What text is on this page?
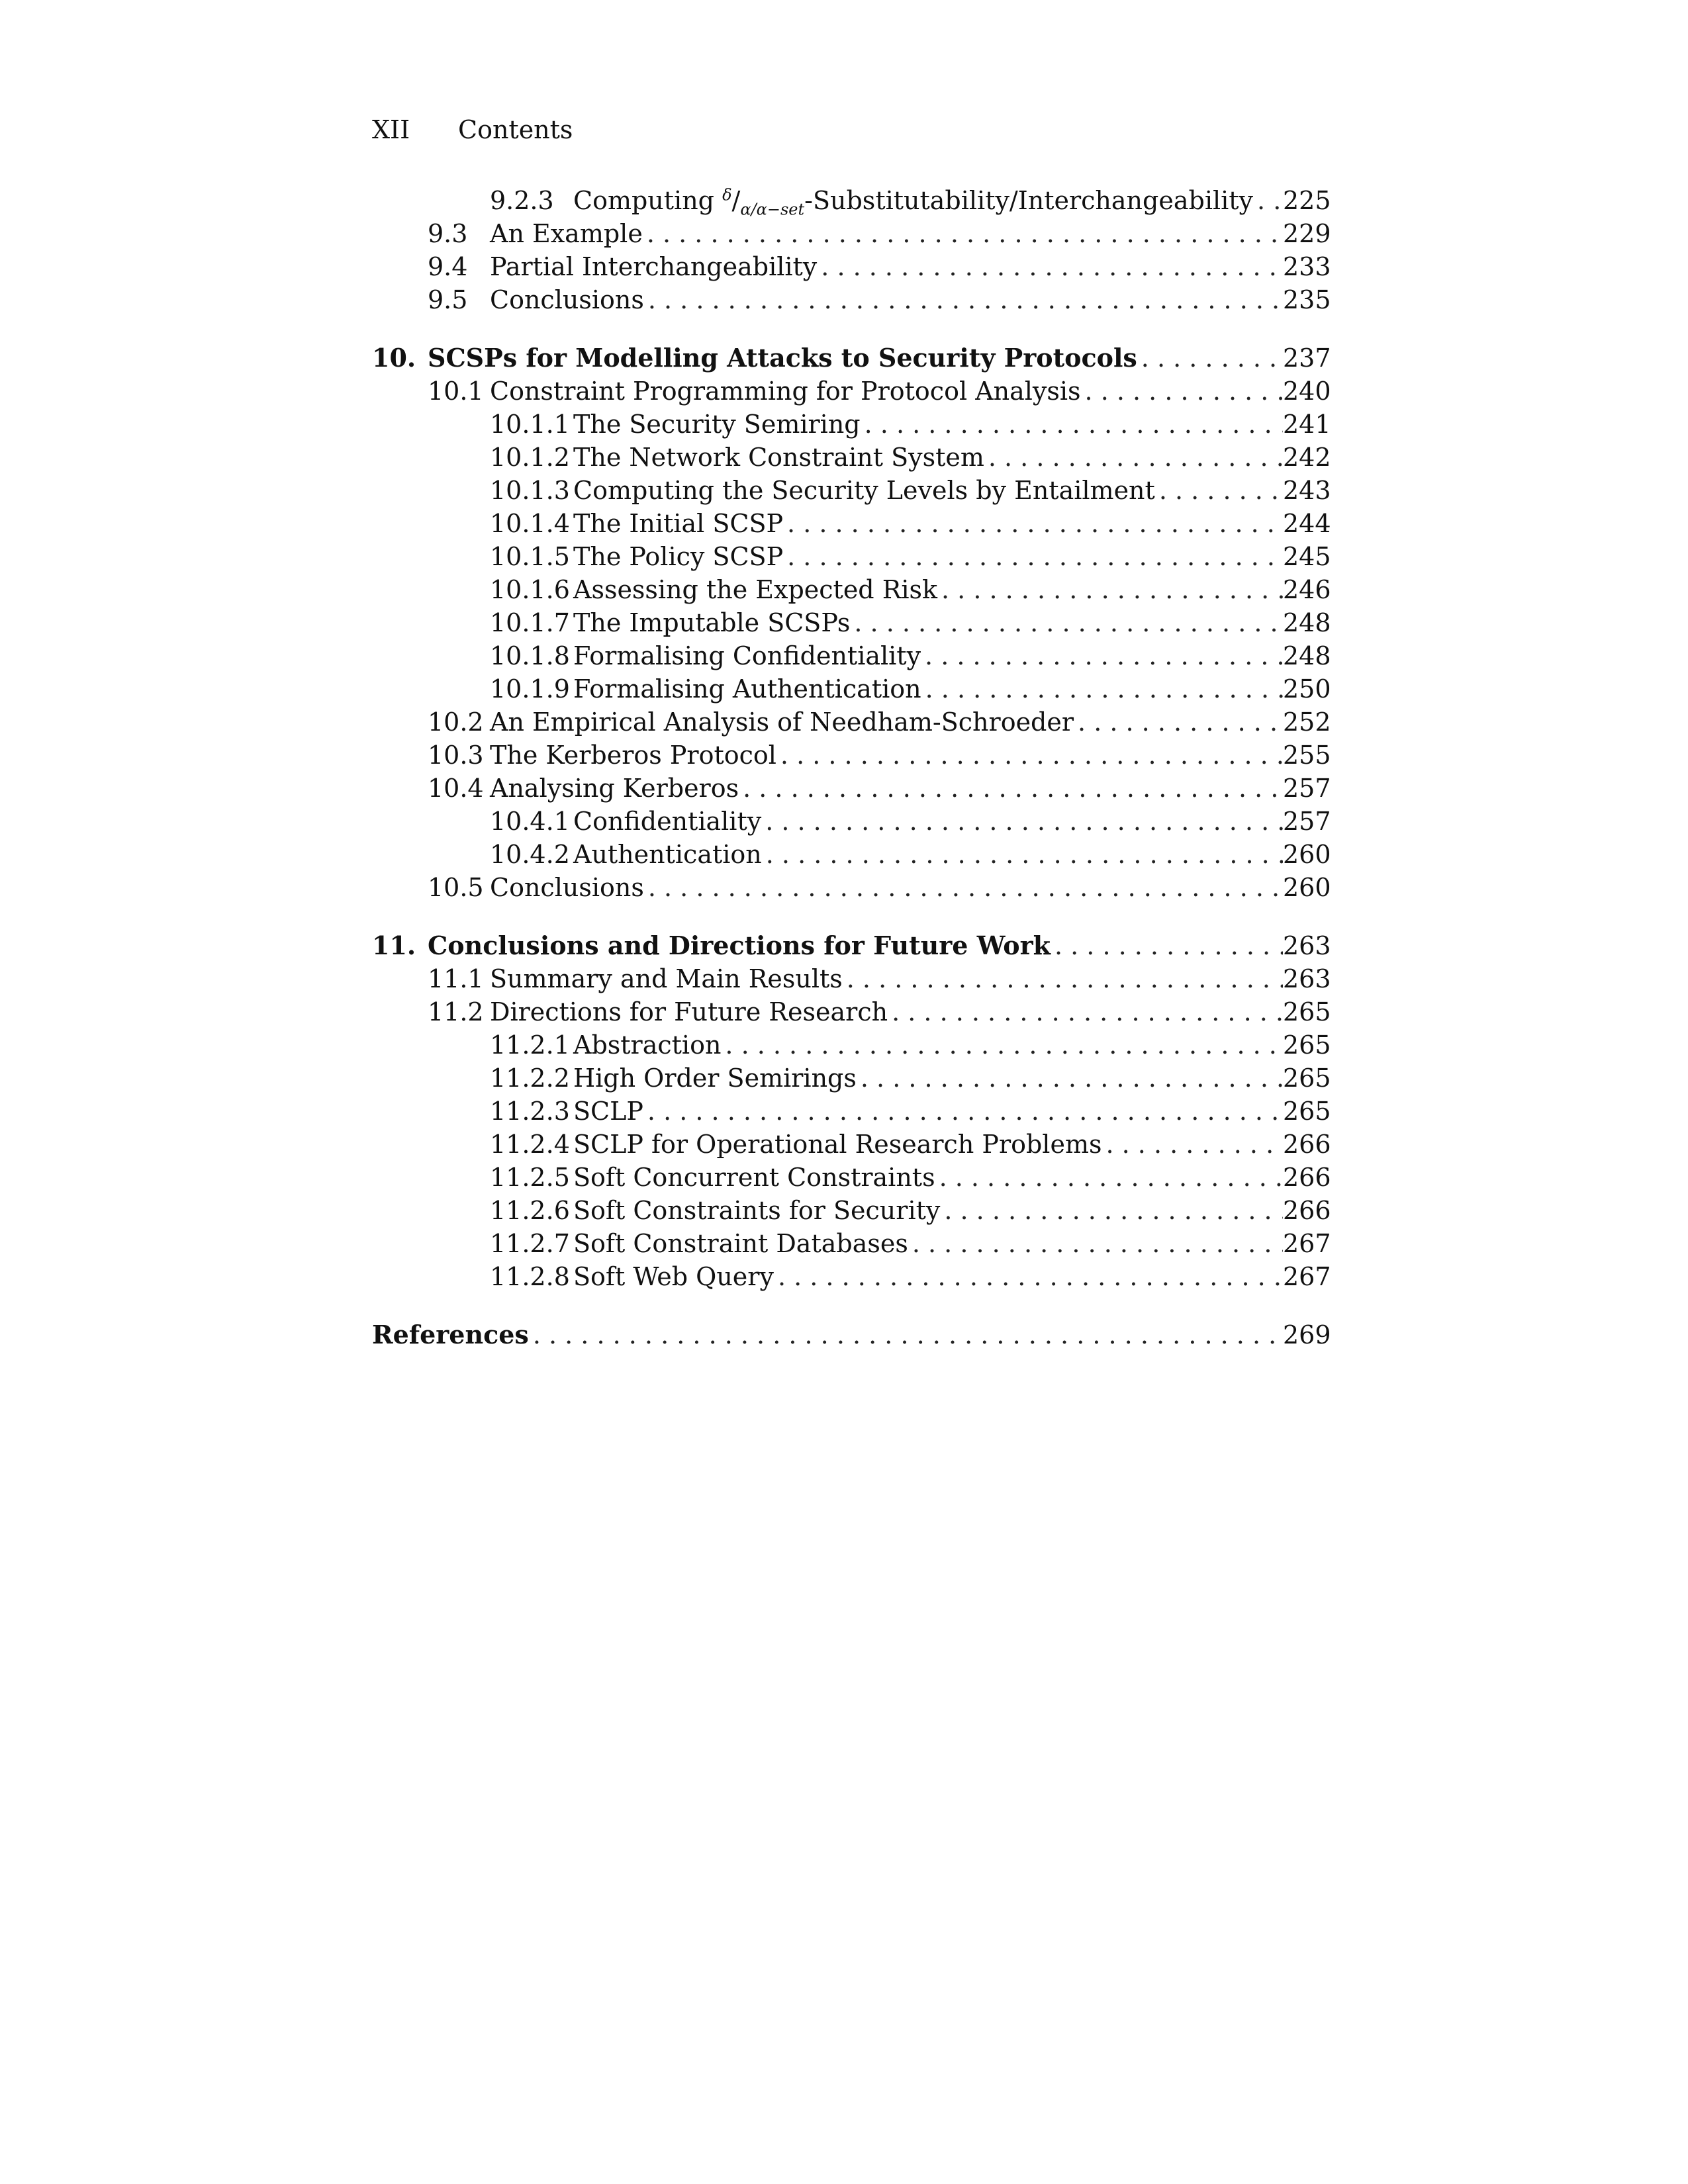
XII Contents
9.2.3 Computing $^\delta/_{\alpha/\alpha-set}-Substitutability$/Interchangeability . . . 225
9.3 An Example . . .	229
9.4 Partial Interchangeability . . .	233
9.5 Conclusions . . .	235
10. SCSPs for Modelling Attacks to Security Protocols . . .	237
10.1 Constraint Programming for Protocol Analysis . . .	240
10.1.1 The Security Semiring . . .	241
10.1.2 The Network Constraint System . . .	242
10.1.3 Computing the Security Levels by Entailment . . .	243
10.1.4 The Initial SCSP . . .	244
10.1.5 The Policy SCSP . . .	245
10.1.6 Assessing the Expected Risk . . .	246
10.1.7 The Imputable SCSPs . . .	248
10.1.8 Formalising Confidentiality . . .	248
10.1.9 Formalising Authentication . . .	250
10.2 An Empirical Analysis of Needham-Schroeder . . .	252
10.3 The Kerberos Protocol . . .	255
10.4 Analysing Kerberos . . .	257
10.4.1 Confidentiality . . .	257
10.4.2 Authentication . . .	260
10.5 Conclusions . . .	260
11. Conclusions and Directions for Future Work . . .	263
11.1 Summary and Main Results . . .	263
11.2 Directions for Future Research . . .	265
11.2.1 Abstraction . . .	265
11.2.2 High Order Semirings . . .	265
11.2.3 SCLP . . .	265
11.2.4 SCLP for Operational Research Problems . . .	266
11.2.5 Soft Concurrent Constraints . . .	266
11.2.6 Soft Constraints for Security . . .	266
11.2.7 Soft Constraint Databases . . .	267
11.2.8 Soft Web Query . . .	267
References . . .	269
